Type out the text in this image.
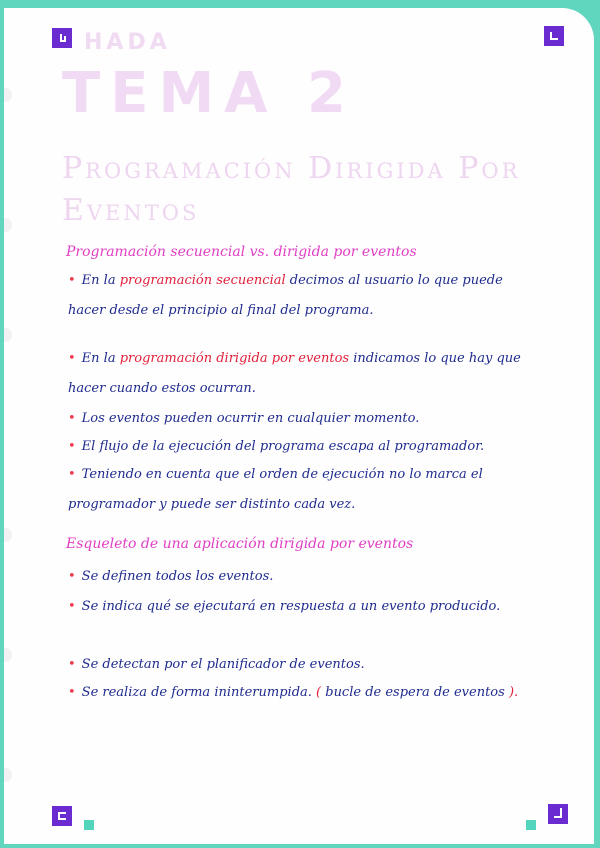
HADA
TEMA 2
Programación Dirigida Por Eventos
Programación secuencial vs. dirigida por eventos
• En la programación secuencial decimos al usuario lo que puede hacer desde el principio al final del programa.
• En la programación dirigida por eventos indicamos lo que hay que hacer cuando estos ocurran.
• Los eventos pueden ocurrir en cualquier momento.
• El flujo de la ejecución del programa escapa al programador.
• Teniendo en cuenta que el orden de ejecución no lo marca el programador y puede ser distinto cada vez.
Esqueleto de una aplicación dirigida por eventos
• Se definen todos los eventos.
• Se indica qué se ejecutará en respuesta a un evento producido.
• Se detectan por el planificador de eventos.
• Se realiza de forma ininterumpida. ( bucle de espera de eventos ).
